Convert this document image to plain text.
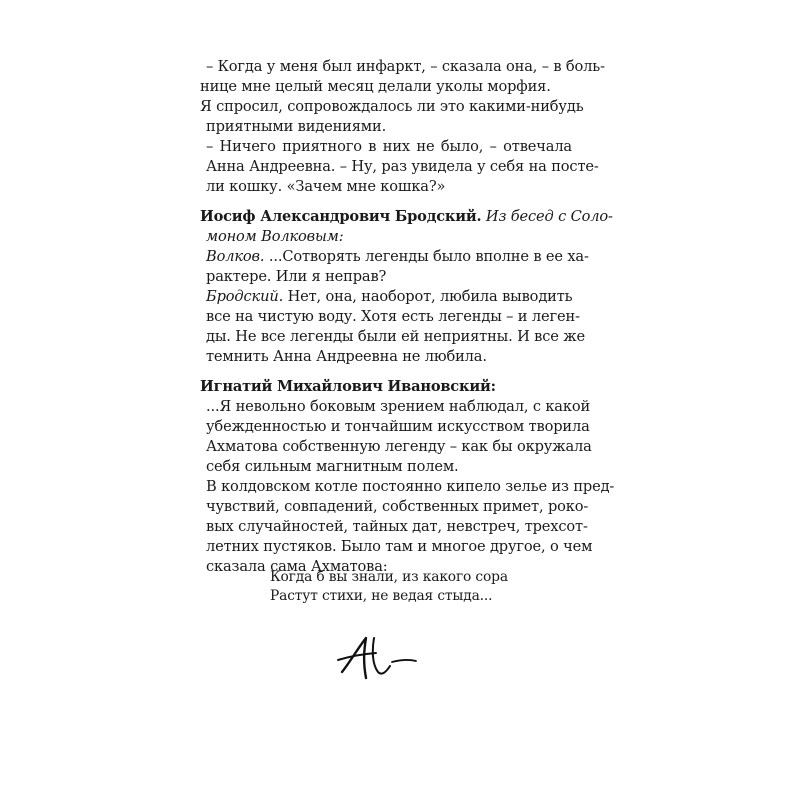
– Когда у меня был инфаркт, – сказала она, – в боль-
нице мне целый месяц делали уколы морфия.
Я спросил, сопровождалось ли это какими-нибудь
приятными видениями.
– Ничего приятного в них не было, – отвечала
Анна Андреевна. – Ну, раз увидела у себя на посте-
ли кошку. «Зачем мне кошка?»
Иосиф Александрович Бродский. Из бесед с Соло-
моном Волковым:
Волков. ...Сотворять легенды было вполне в ее ха-
рактере. Или я неправ?
Бродский. Нет, она, наоборот, любила выводить
все на чистую воду. Хотя есть легенды – и леген-
ды. Не все легенды были ей неприятны. И все же
темнить Анна Андреевна не любила.
Игнатий Михайлович Ивановский:
...Я невольно боковым зрением наблюдал, с какой
убежденностью и тончайшим искусством творила
Ахматова собственную легенду – как бы окружала
себя сильным магнитным полем.
В колдовском котле постоянно кипело зелье из пред-
чувствий, совпадений, собственных примет, роко-
вых случайностей, тайных дат, невстреч, трехсот-
летних пустяков. Было там и многое другое, о чем
сказала сама Ахматова:
Когда б вы знали, из какого сора
Растут стихи, не ведая стыда...
